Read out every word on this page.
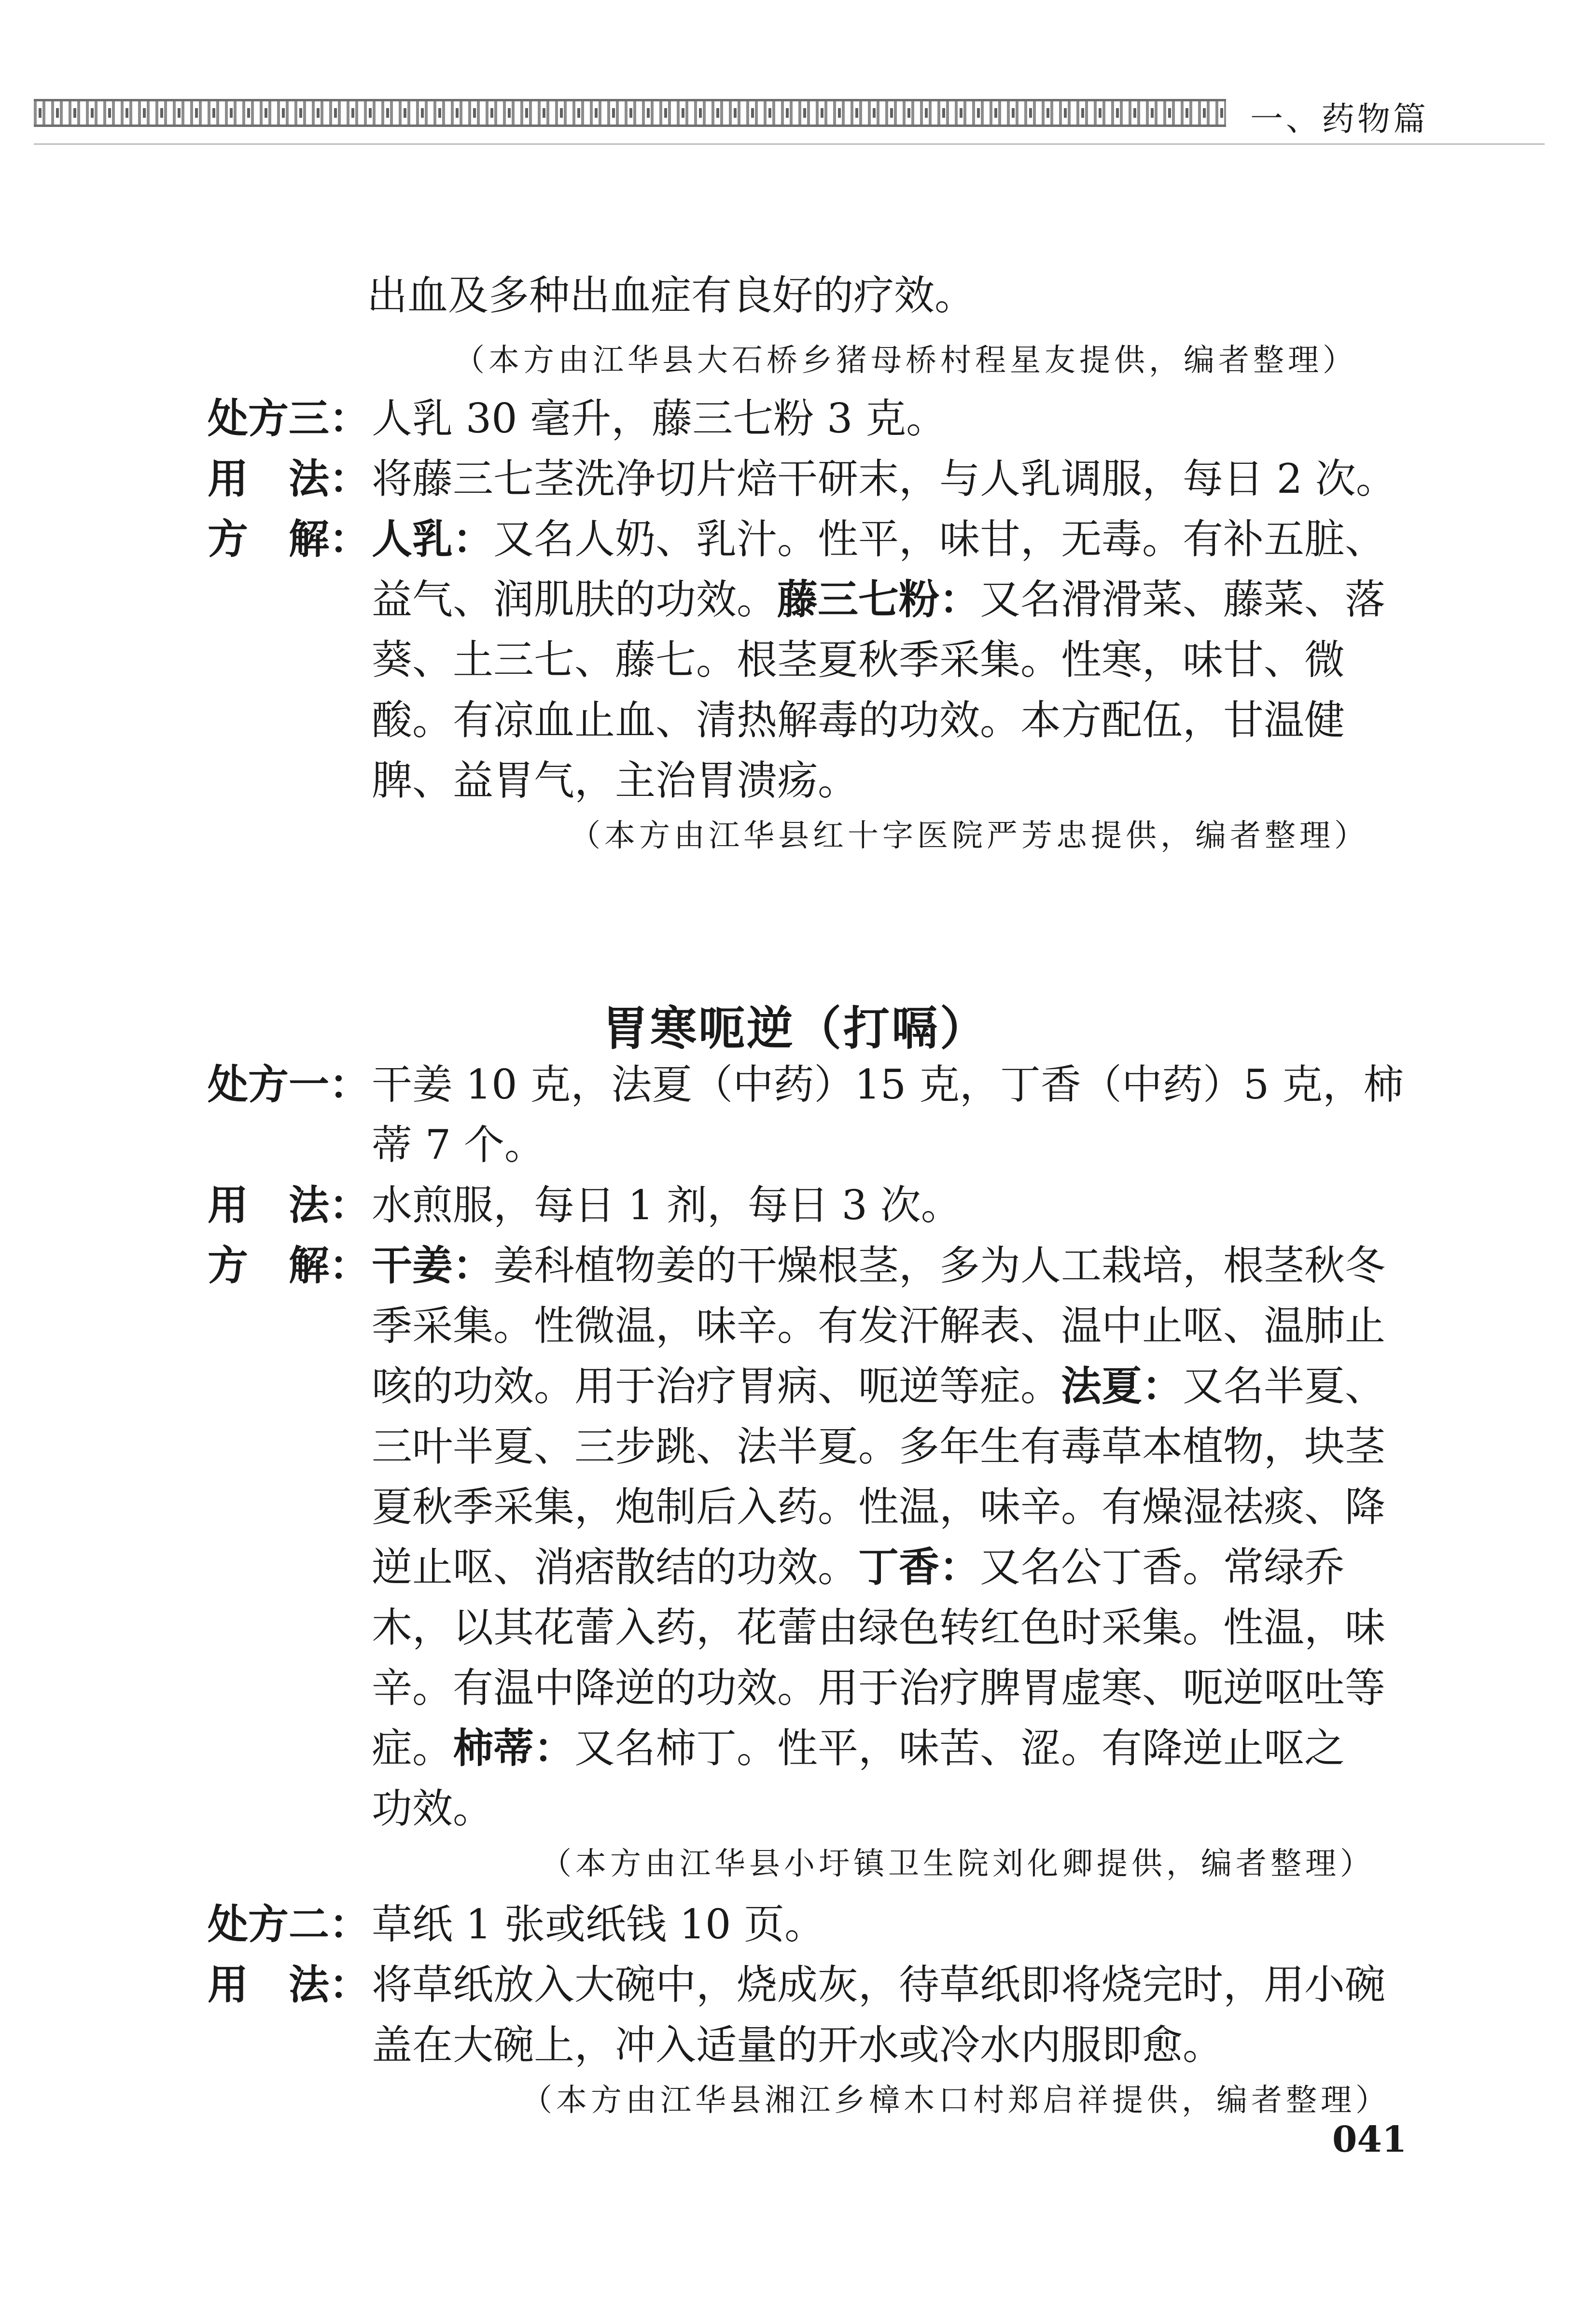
一、药物篇
出血及多种出血症有良好的疗效。
（本方由江华县大石桥乡猪母桥村程星友提供，编者整理）
处方三： 人乳 30 毫升，藤三七粉 3 克。
用　法： 将藤三七茎洗净切片焙干研末，与人乳调服，每日 2 次。
方　解： 人乳：又名人奶、乳汁。性平，味甘，无毒。有补五脏、
益气、润肌肤的功效。藤三七粉：又名滑滑菜、藤菜、落
葵、土三七、藤七。根茎夏秋季采集。性寒，味甘、微
酸。有凉血止血、清热解毒的功效。本方配伍，甘温健
脾、益胃气，主治胃溃疡。
（本方由江华县红十字医院严芳忠提供，编者整理）
胃寒呃逆（打嗝）
处方一： 干姜 10 克，法夏（中药）15 克，丁香（中药）5 克，柿
蒂 7 个。
用　法： 水煎服，每日 1 剂，每日 3 次。
方　解： 干姜：姜科植物姜的干燥根茎，多为人工栽培，根茎秋冬
季采集。性微温，味辛。有发汗解表、温中止呕、温肺止
咳的功效。用于治疗胃病、呃逆等症。法夏：又名半夏、
三叶半夏、三步跳、法半夏。多年生有毒草本植物，块茎
夏秋季采集，炮制后入药。性温，味辛。有燥湿祛痰、降
逆止呕、消痞散结的功效。丁香：又名公丁香。常绿乔
木，以其花蕾入药，花蕾由绿色转红色时采集。性温，味
辛。有温中降逆的功效。用于治疗脾胃虚寒、呃逆呕吐等
症。柿蒂：又名柿丁。性平，味苦、涩。有降逆止呕之
功效。
（本方由江华县小圩镇卫生院刘化卿提供，编者整理）
处方二： 草纸 1 张或纸钱 10 页。
用　法： 将草纸放入大碗中，烧成灰，待草纸即将烧完时，用小碗
盖在大碗上，冲入适量的开水或冷水内服即愈。
（本方由江华县湘江乡樟木口村郑启祥提供，编者整理）
041
